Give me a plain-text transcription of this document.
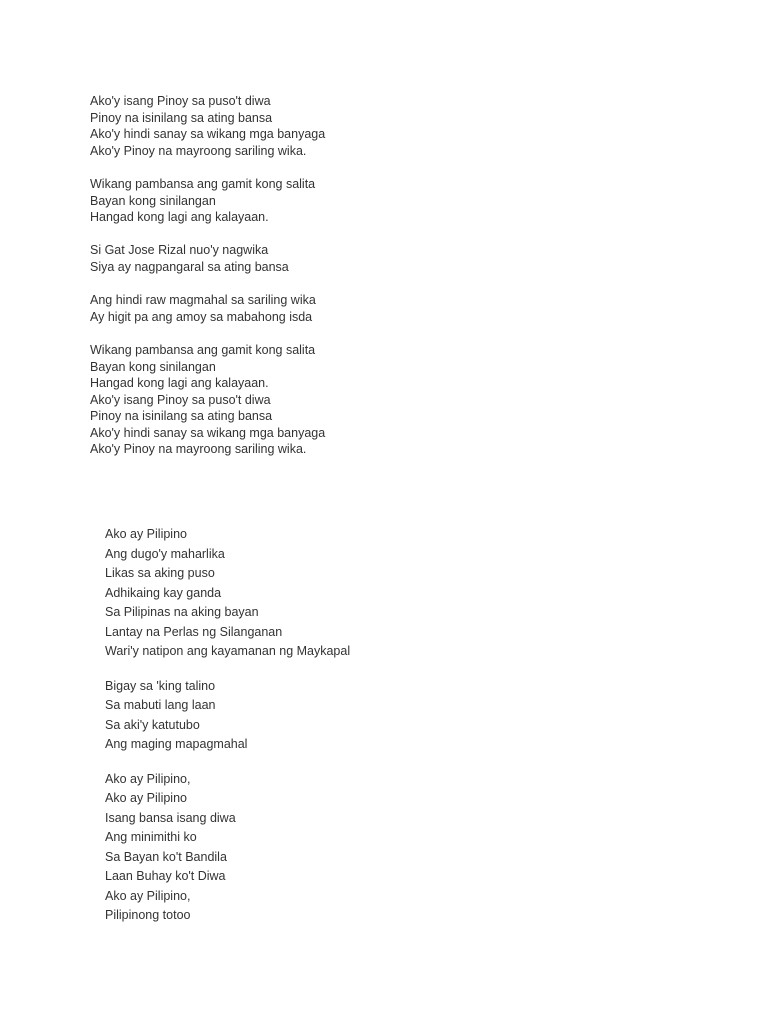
Ako'y isang Pinoy sa puso't diwa
Pinoy na isinilang sa ating bansa
Ako'y hindi sanay sa wikang mga banyaga
Ako'y Pinoy na mayroong sariling wika.
Wikang pambansa ang gamit kong salita
Bayan kong sinilangan
Hangad kong lagi ang kalayaan.
Si Gat Jose Rizal nuo'y nagwika
Siya ay nagpangaral sa ating bansa
Ang hindi raw magmahal sa sariling wika
Ay higit pa ang amoy sa mabahong isda
Wikang pambansa ang gamit kong salita
Bayan kong sinilangan
Hangad kong lagi ang kalayaan.
Ako'y isang Pinoy sa puso't diwa
Pinoy na isinilang sa ating bansa
Ako'y hindi sanay sa wikang mga banyaga
Ako'y Pinoy na mayroong sariling wika.
Ako ay Pilipino
Ang dugo'y maharlika
Likas sa aking puso
Adhikaing kay ganda
Sa Pilipinas na aking bayan
Lantay na Perlas ng Silanganan
Wari'y natipon ang kayamanan ng Maykapal
Bigay sa 'king talino
Sa mabuti lang laan
Sa aki'y katutubo
Ang maging mapagmahal
Ako ay Pilipino,
Ako ay Pilipino
Isang bansa isang diwa
Ang minimithi ko
Sa Bayan ko't Bandila
Laan Buhay ko't Diwa
Ako ay Pilipino,
Pilipinong totoo
